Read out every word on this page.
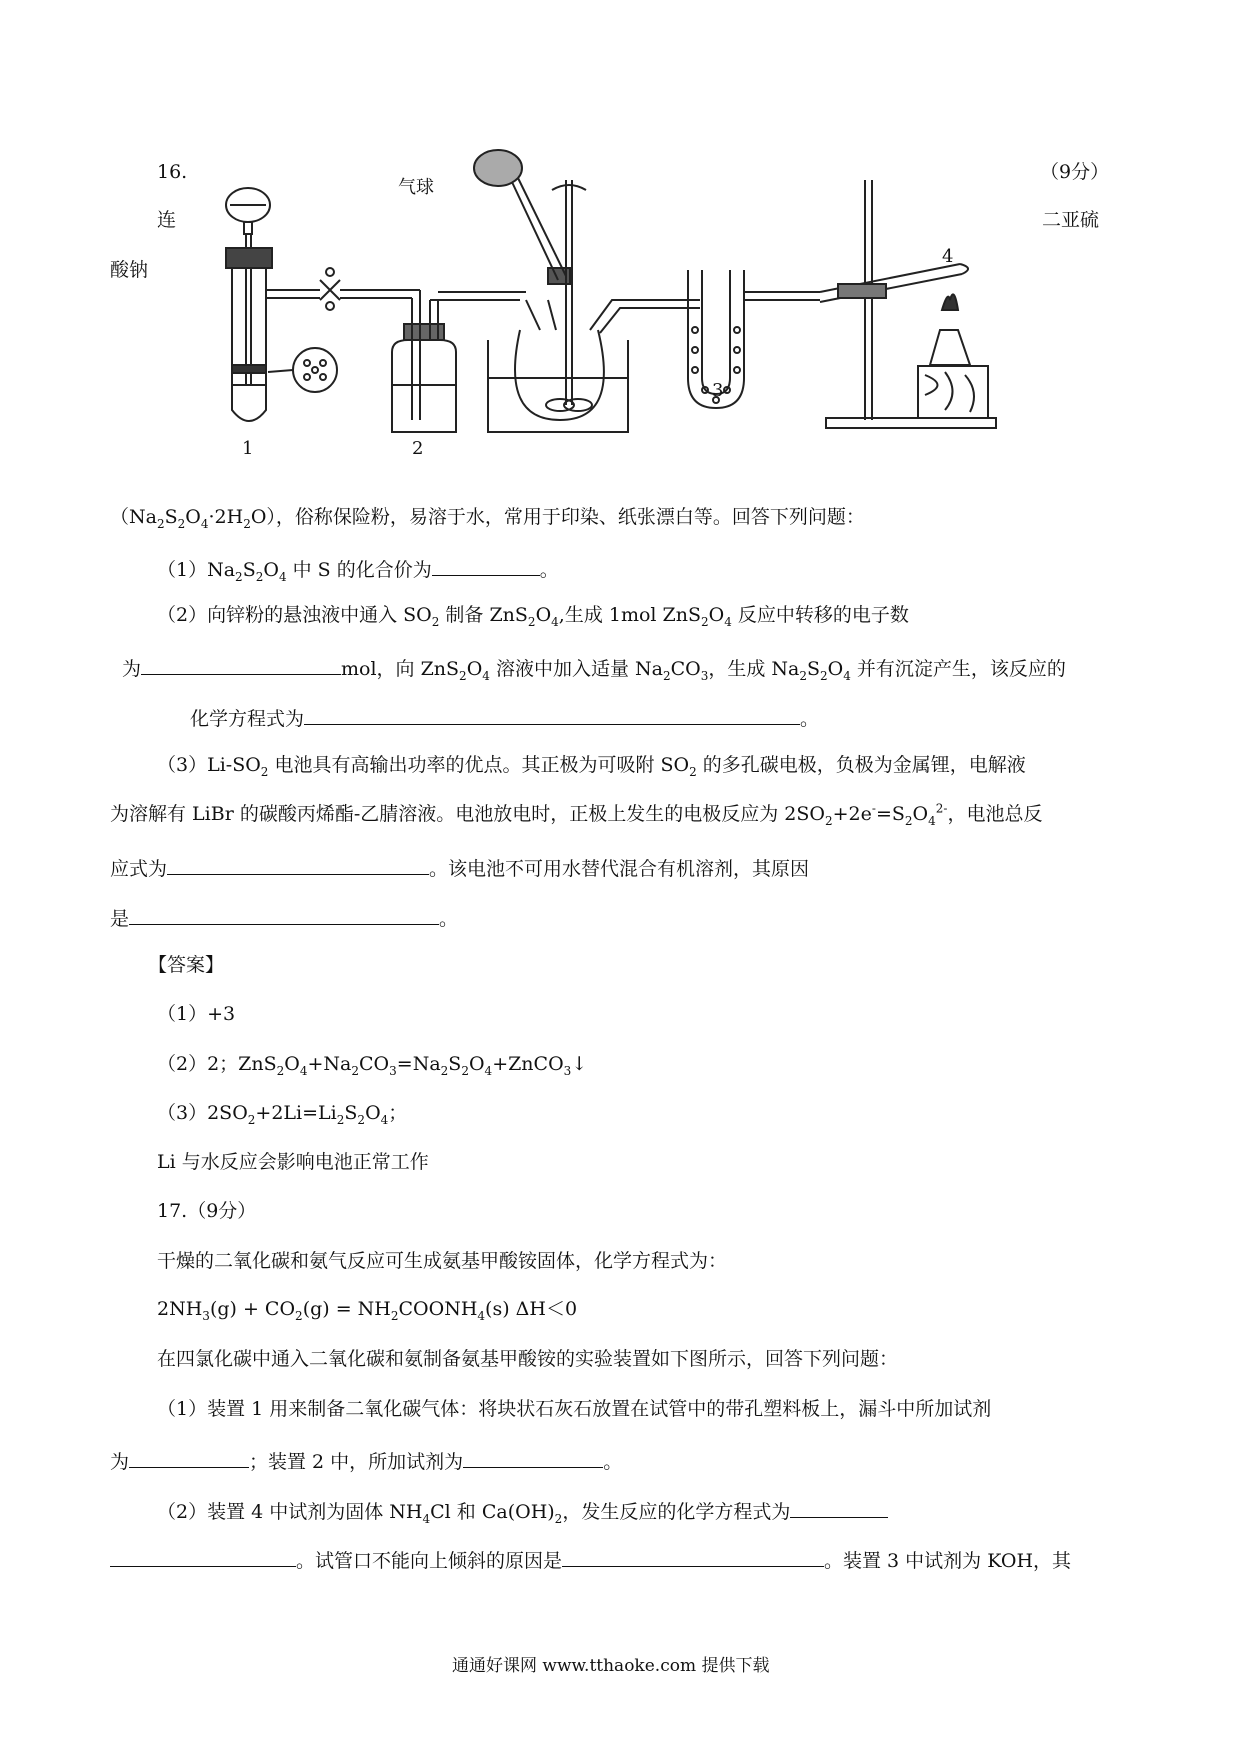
16.	（9分）
连	二亚硫
酸钠
1	2
3
4
气球
$(Na_2S_2O_4\cdot 2H_2O)$，俗称保险粉，易溶于水，常用于印染、纸张漂白等。回答下列问题：
$(1)Na_2S_2O_4$ 中 S 的化合价为	。
（2）向锌粉的悬浊液中通入 $SO_2$ 制备 $ZnS_2O_4$,生成 1mol $ZnS_2O_4$ 反应中转移的电子数
为	mol，向 $ZnS_2O_4$ 溶液中加入适量 $Na_2CO_3$，生成 $Na_2S_2O_4$ 并有沉淀产生，该反应的
化学方程式为	。
$(3)Li-SO_2$ 电池具有高输出功率的优点。其正极为可吸附 $SO_2$ 的多孔碳电极，负极为金属锂，电解液
为溶解有 LiBr 的碳酸丙烯酯-乙腈溶液。电池放电时，正极上发生的电极反应为 $2SO_2+2e^-=S_2O_4^{2-}$，电池总反
应式为	。该电池不可用水替代混合有机溶剂，其原因
是	。
【答案】
（1）+3
（2）2；$ZnS_2O_4+Na_2CO_3=Na_2S_2O_4+ZnCO_3↓$
$(3)2SO_2+2Li=Li_2S_2O_4$；
Li 与水反应会影响电池正常工作
17.（9分）
干燥的二氧化碳和氨气反应可生成氨基甲酸铵固体，化学方程式为：
$2NH_3(g) + CO_2(g)$ = $NH_2COONH_4(s)$ ΔH＜0
在四氯化碳中通入二氧化碳和氨制备氨基甲酸铵的实验装置如下图所示，回答下列问题：
（1）装置 1 用来制备二氧化碳气体：将块状石灰石放置在试管中的带孔塑料板上，漏斗中所加试剂
为	；装置 2 中，所加试剂为	。
（2）装置 4 中试剂为固体 $NH_4Cl$ 和 $Ca(OH)_2$，发生反应的化学方程式为
。试管口不能向上倾斜的原因是	。装置 3 中试剂为 KOH，其
通通好课网 www.tthaoke.com 提供下载
